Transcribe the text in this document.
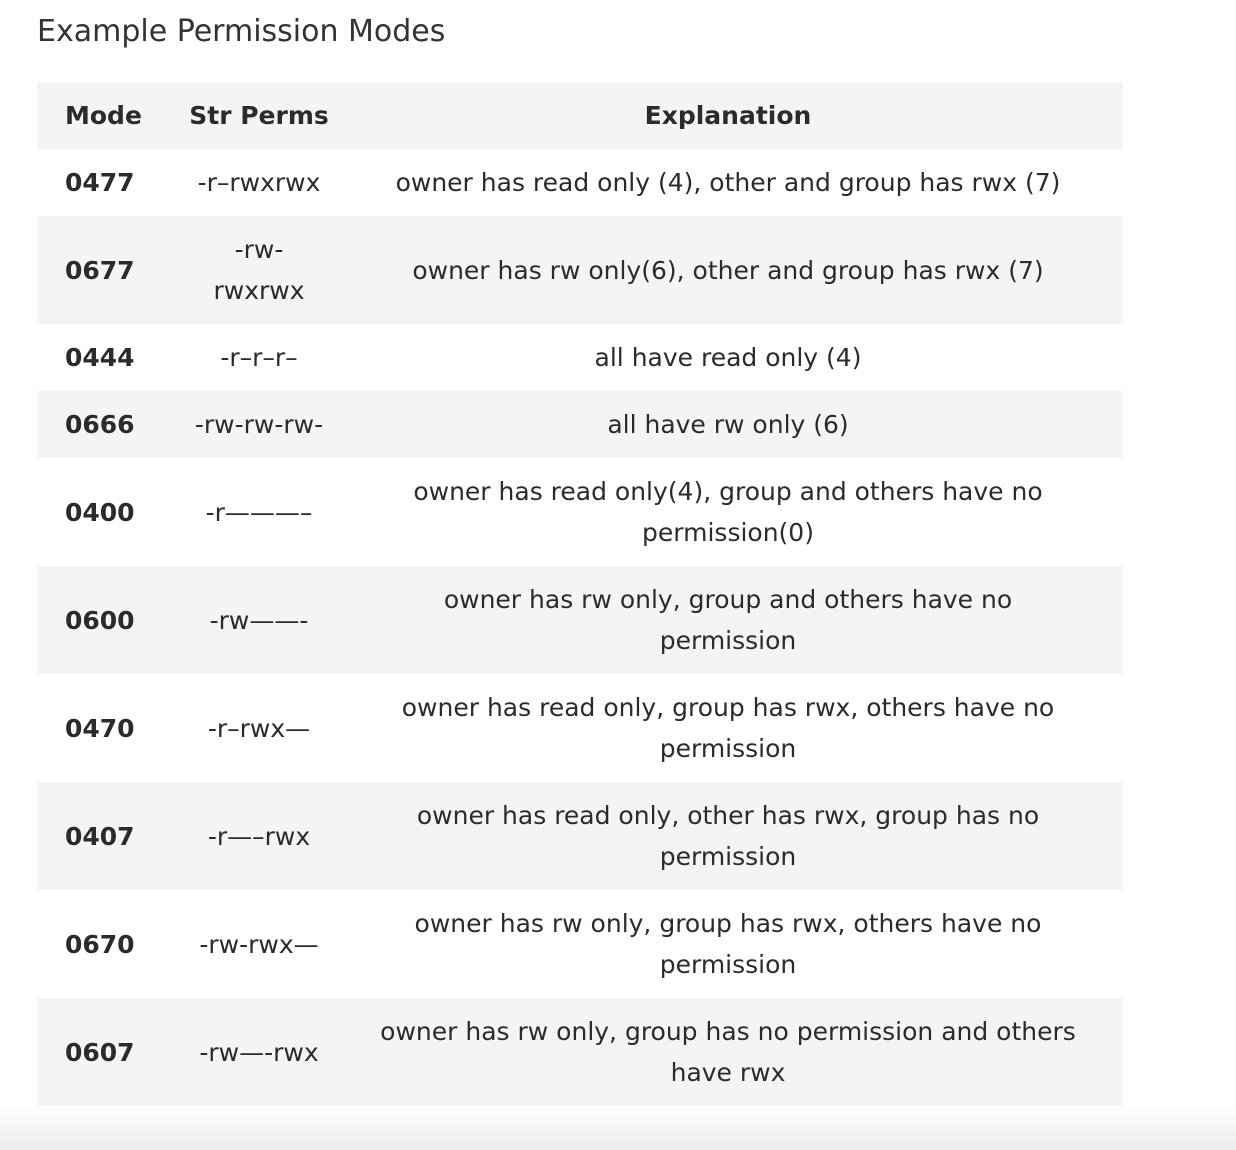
Example Permission Modes
Mode	Str Perms	Explanation
0477	-r–rwxrwx	owner has read only (4), other and group has rwx (7)
0677	-rw- rwxrwx	owner has rw only(6), other and group has rwx (7)
0444	-r–r–r–	all have read only (4)
0666	-rw-rw-rw-	all have rw only (6)
0400	-r———–	owner has read only(4), group and others have no permission(0)
0600	-rw——-	owner has rw only, group and others have no permission
0470	-r–rwx—	owner has read only, group has rwx, others have no permission
0407	-r—–rwx	owner has read only, other has rwx, group has no permission
0670	-rw-rwx—	owner has rw only, group has rwx, others have no permission
0607	-rw—-rwx	owner has rw only, group has no permission and others have rwx
